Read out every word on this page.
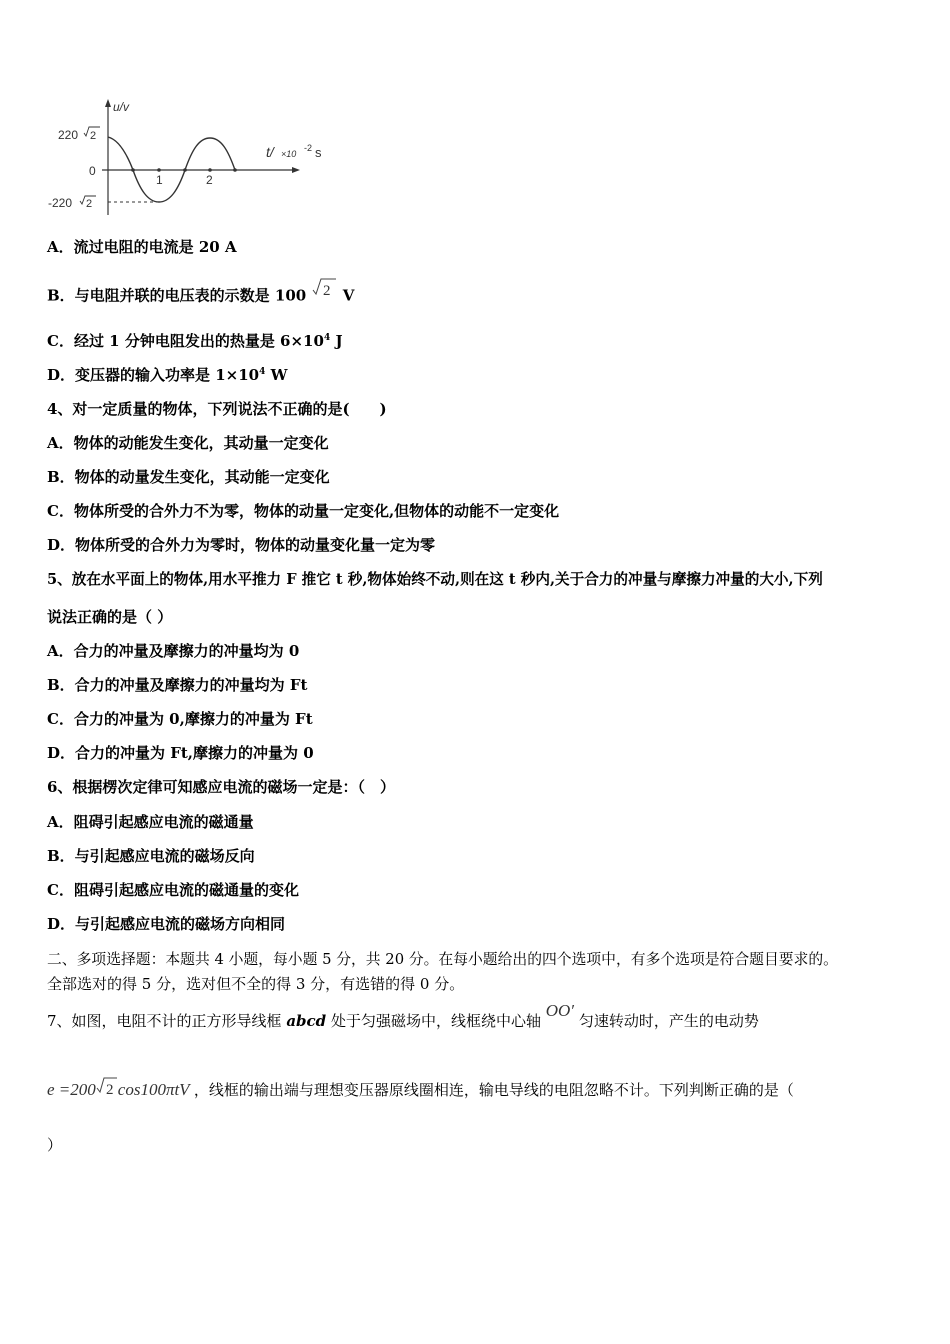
u/v
220 2
0
-220 2
1	2
t/ ×10
-2 s
A．流过电阻的电流是 20 A
B．与电阻并联的电压表的示数是 100 2 V
C．经过 1 分钟电阻发出的热量是 $6\times 10^4$ J
D．变压器的输入功率是 $1\times 10^4$ W
4、对一定质量的物体，下列说法不正确的是(　　)
A．物体的动能发生变化，其动量一定变化
B．物体的动量发生变化，其动能一定变化
C．物体所受的合外力不为零，物体的动量一定变化,但物体的动能不一定变化
D．物体所受的合外力为零时，物体的动量变化量一定为零
5、放在水平面上的物体,用水平推力 F 推它 t 秒,物体始终不动,则在这 t 秒内,关于合力的冲量与摩擦力冲量的大小,下列
说法正确的是（ ）
A．合力的冲量及摩擦力的冲量均为 0
B．合力的冲量及摩擦力的冲量均为 Ft
C．合力的冲量为 0,摩擦力的冲量为 Ft
D．合力的冲量为 Ft,摩擦力的冲量为 0
6、根据楞次定律可知感应电流的磁场一定是：（　）
A．阻碍引起感应电流的磁通量
B．与引起感应电流的磁场反向
C．阻碍引起感应电流的磁通量的变化
D．与引起感应电流的磁场方向相同
二、多项选择题：本题共 4 小题，每小题 5 分，共 20 分。在每小题给出的四个选项中，有多个选项是符合题目要求的。
全部选对的得 5 分，选对但不全的得 3 分，有选错的得 0 分。
7、如图，电阻不计的正方形导线框 abcd 处于匀强磁场中，线框绕中心轴 OO′ 匀速转动时，产生的电动势
e =200 2 cos100πtV ，线框的输出端与理想变压器原线圈相连，输电导线的电阻忽略不计。下列判断正确的是（
）
